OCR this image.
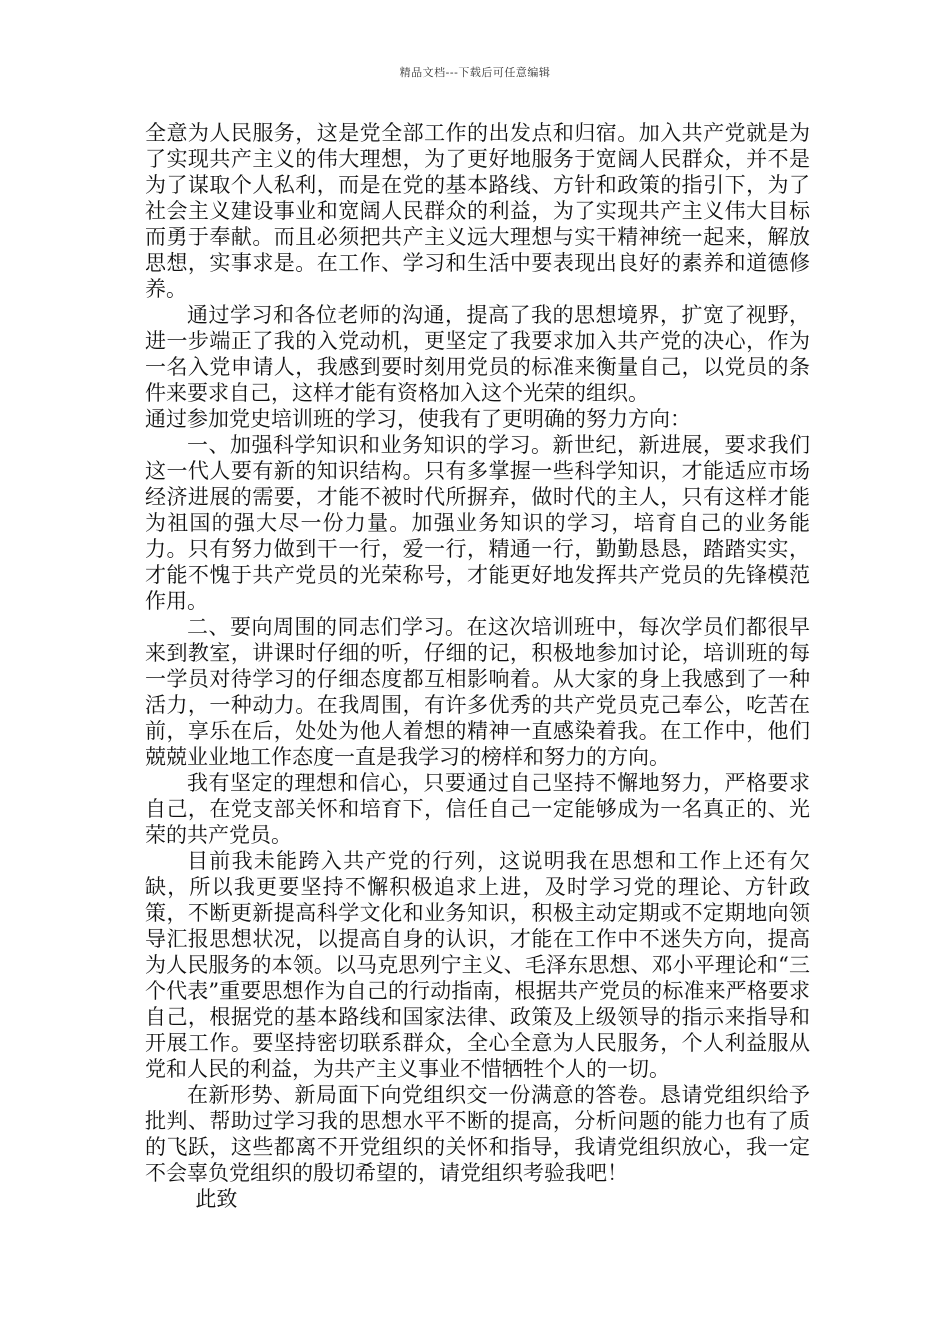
精品文档---下载后可任意编辑

全意为人民服务，这是党全部工作的出发点和归宿。加入共产党就是为了实现共产主义的伟大理想，为了更好地服务于宽阔人民群众，并不是为了谋取个人私利，而是在党的基本路线、方针和政策的指引下，为了社会主义建设事业和宽阔人民群众的利益，为了实现共产主义伟大目标而勇于奉献。而且必须把共产主义远大理想与实干精神统一起来，解放思想，实事求是。在工作、学习和生活中要表现出良好的素养和道德修养。

通过学习和各位老师的沟通，提高了我的思想境界，扩宽了视野，进一步端正了我的入党动机，更坚定了我要求加入共产党的决心，作为一名入党申请人，我感到要时刻用党员的标准来衡量自己，以党员的条件来要求自己，这样才能有资格加入这个光荣的组织。

通过参加党史培训班的学习，使我有了更明确的努力方向：

一、加强科学知识和业务知识的学习。新世纪，新进展，要求我们这一代人要有新的知识结构。只有多掌握一些科学知识，才能适应市场经济进展的需要，才能不被时代所摒弃，做时代的主人，只有这样才能为祖国的强大尽一份力量。加强业务知识的学习，培育自己的业务能力。只有努力做到干一行，爱一行，精通一行，勤勤恳恳，踏踏实实，才能不愧于共产党员的光荣称号，才能更好地发挥共产党员的先锋模范作用。

二、要向周围的同志们学习。在这次培训班中，每次学员们都很早来到教室，讲课时仔细的听，仔细的记，积极地参加讨论，培训班的每一学员对待学习的仔细态度都互相影响着。从大家的身上我感到了一种活力，一种动力。在我周围，有许多优秀的共产党员克己奉公，吃苦在前，享乐在后，处处为他人着想的精神一直感染着我。在工作中，他们兢兢业业地工作态度一直是我学习的榜样和努力的方向。

我有坚定的理想和信心，只要通过自己坚持不懈地努力，严格要求自己，在党支部关怀和培育下，信任自己一定能够成为一名真正的、光荣的共产党员。

目前我未能跨入共产党的行列，这说明我在思想和工作上还有欠缺，所以我更要坚持不懈积极追求上进，及时学习党的理论、方针政策，不断更新提高科学文化和业务知识，积极主动定期或不定期地向领导汇报思想状况，以提高自身的认识，才能在工作中不迷失方向，提高为人民服务的本领。以马克思列宁主义、毛泽东思想、邓小平理论和“三个代表”重要思想作为自己的行动指南，根据共产党员的标准来严格要求自己，根据党的基本路线和国家法律、政策及上级领导的指示来指导和开展工作。要坚持密切联系群众，全心全意为人民服务，个人利益服从党和人民的利益，为共产主义事业不惜牺牲个人的一切。

在新形势、新局面下向党组织交一份满意的答卷。恳请党组织给予批判、帮助过学习我的思想水平不断的提高，分析问题的能力也有了质的飞跃，这些都离不开党组织的关怀和指导，我请党组织放心，我一定不会辜负党组织的殷切希望的，请党组织考验我吧！

此致
